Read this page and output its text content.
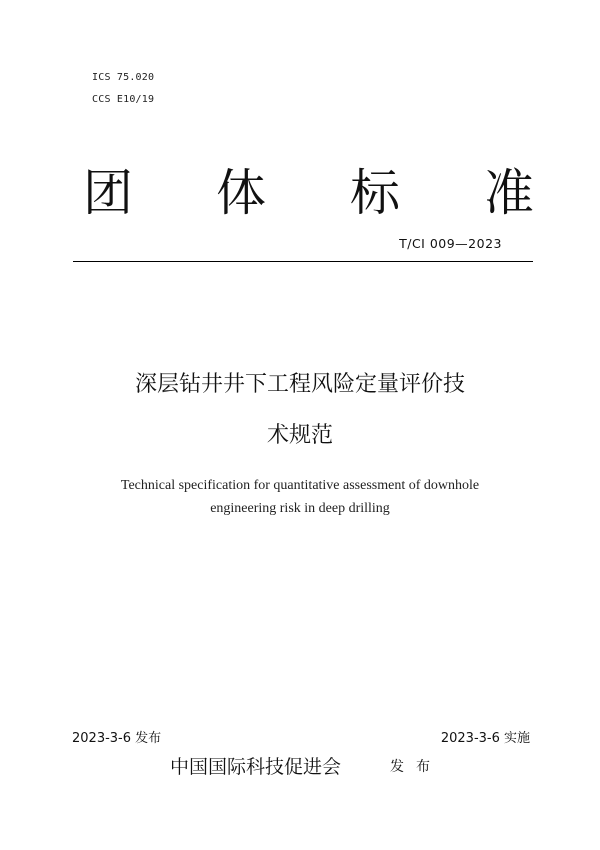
ICS 75.020
CCS E10/19
团 体 标 准
T/CI 009—2023
深层钻井井下工程风险定量评价技
术规范
Technical specification for quantitative assessment of downhole
engineering risk in deep drilling
2023-3-6 发布	2023-3-6 实施
中国国际科技促进会	发布
